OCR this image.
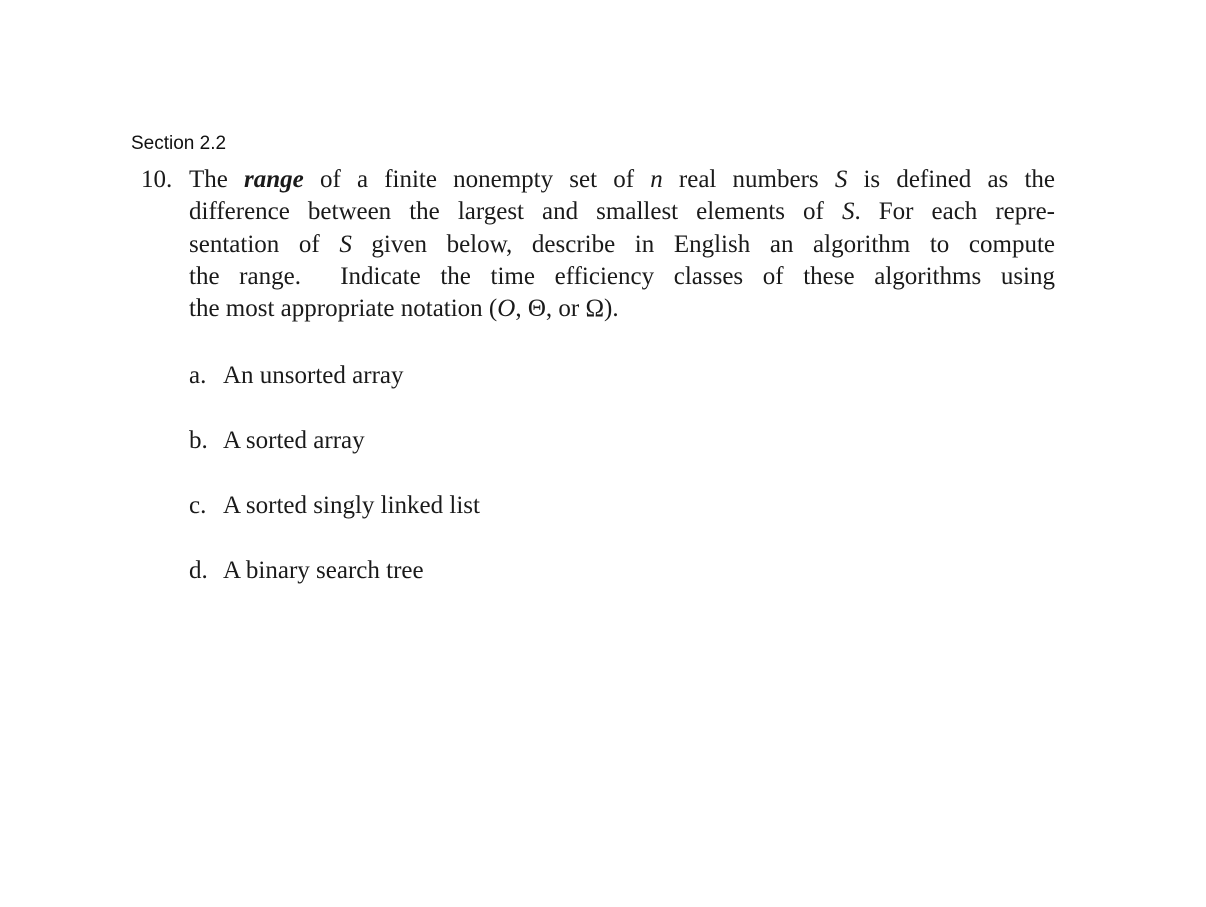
Section 2.2
10. The range of a finite nonempty set of n real numbers S is defined as the
difference between the largest and smallest elements of S. For each repre-
sentation of S given below, describe in English an algorithm to compute
the range.  Indicate the time efficiency classes of these algorithms using
the most appropriate notation (O, Θ, or Ω).
a. An unsorted array
b. A sorted array
c. A sorted singly linked list
d. A binary search tree
